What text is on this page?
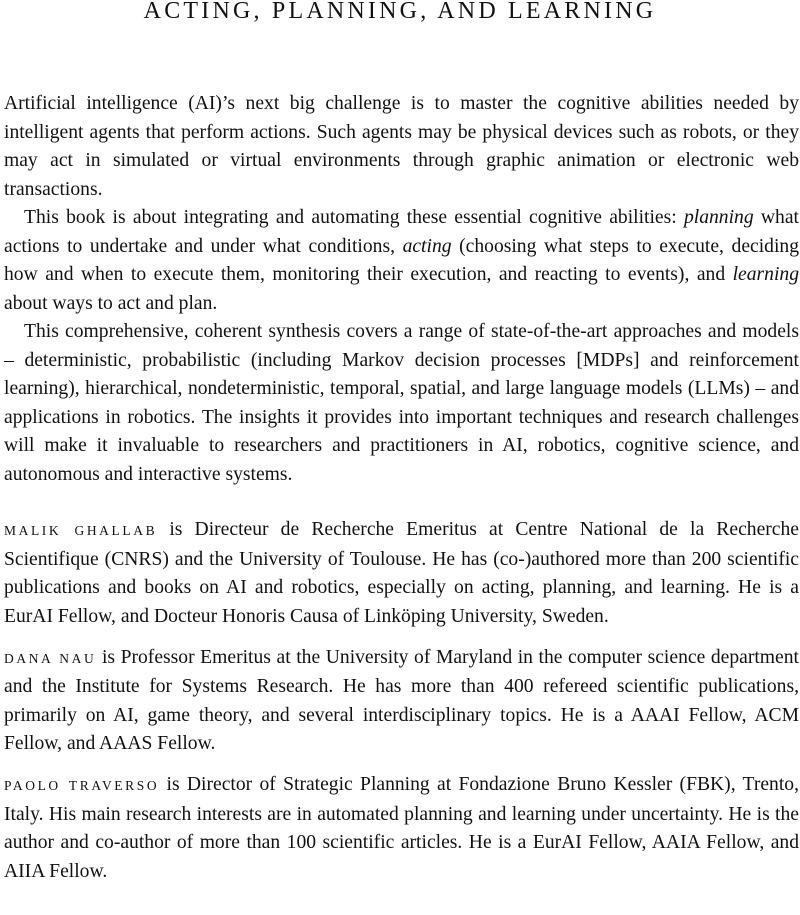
ACTING, PLANNING, AND LEARNING

Artificial intelligence (AI)’s next big challenge is to master the cognitive abilities needed by intelligent agents that perform actions. Such agents may be physical devices such as robots, or they may act in simulated or virtual environments through graphic animation or electronic web transactions.

This book is about integrating and automating these essential cognitive abilities: planning what actions to undertake and under what conditions, acting (choosing what steps to execute, deciding how and when to execute them, monitoring their execution, and reacting to events), and learning about ways to act and plan.

This comprehensive, coherent synthesis covers a range of state-of-the-art approaches and models – deterministic, probabilistic (including Markov decision processes [MDPs] and reinforcement learning), hierarchical, nondeterministic, temporal, spatial, and large language models (LLMs) – and applications in robotics. The insights it provides into important techniques and research challenges will make it invaluable to researchers and practitioners in AI, robotics, cognitive science, and autonomous and interactive systems.

MALIK GHALLAB is Directeur de Recherche Emeritus at Centre National de la Recherche Scientifique (CNRS) and the University of Toulouse. He has (co-)authored more than 200 scientific publications and books on AI and robotics, especially on acting, planning, and learning. He is a EurAI Fellow, and Docteur Honoris Causa of Linköping University, Sweden.

DANA NAU is Professor Emeritus at the University of Maryland in the computer science department and the Institute for Systems Research. He has more than 400 refereed scientific publications, primarily on AI, game theory, and several interdisciplinary topics. He is a AAAI Fellow, ACM Fellow, and AAAS Fellow.

PAOLO TRAVERSO is Director of Strategic Planning at Fondazione Bruno Kessler (FBK), Trento, Italy. His main research interests are in automated planning and learning under uncertainty. He is the author and co-author of more than 100 scientific articles. He is a EurAI Fellow, AAIA Fellow, and AIIA Fellow.
